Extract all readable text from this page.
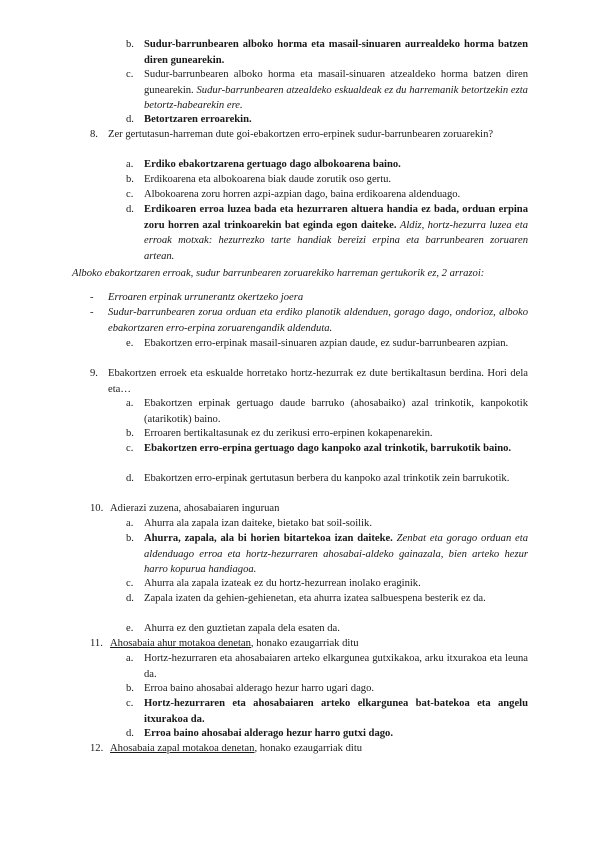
b. Sudur-barrunbearen alboko horma eta masail-sinuaren aurrealdeko horma batzen diren gunearekin.
c.	Sudur-barrunbearen alboko horma eta masail-sinuaren atzealdeko horma batzen diren gunearekin. Sudur-barrunbearen atzealdeko eskualdeak ez du harremanik betortzekin ezta betortz-habearekin ere.
d. Betortzaren erroarekin.
8. Zer gertutasun-harreman dute goi-ebakortzen erro-erpinek sudur-barrunbearen zoruarekin?
a.	Erdiko ebakortzarena gertuago dago albokoarena baino.
b. Erdikoarena eta albokoarena biak daude zorutik oso gertu.
c.	Albokoarena zoru horren azpi-azpian dago, baina erdikoarena aldenduago.
d. Erdikoaren erroa luzea bada eta hezurraren altuera handia ez bada, orduan erpina zoru horren azal trinkoarekin bat eginda egon daiteke. Aldiz, hortz-hezurra luzea eta erroak motxak: hezurrezko tarte handiak bereizi erpina eta barrunbearen zoruaren artean.
Alboko ebakortzaren erroak, sudur barrunbearen zoruarekiko harreman gertukorik ez, 2 arrazoi:
-	Erroaren erpinak urrunerantz okertzeko joera
-	Sudur-barrunbearen zorua orduan eta erdiko planotik aldenduen, gorago dago, ondorioz, alboko ebakortzaren erro-erpina zoruarengandik aldenduta.
e.	Ebakortzen erro-erpinak masail-sinuaren azpian daude, ez sudur-barrunbearen azpian.
9. Ebakortzen erroek eta eskualde horretako hortz-hezurrak ez dute bertikaltasun berdina. Hori dela eta…
a.	Ebakortzen erpinak gertuago daude barruko (ahosabaiko) azal trinkotik, kanpokotik (atarikotik) baino.
b. Erroaren bertikaltasunak ez du zerikusi erro-erpinen kokapenarekin.
c.	Ebakortzen erro-erpina gertuago dago kanpoko azal trinkotik, barrukotik baino.
d. Ebakortzen erro-erpinak gertutasun berbera du kanpoko azal trinkotik zein barrukotik.
10. Adierazi zuzena, ahosabaiaren inguruan
a.	Ahurra ala zapala izan daiteke, bietako bat soil-soilik.
b. Ahurra, zapala, ala bi horien bitartekoa izan daiteke. Zenbat eta gorago orduan eta aldenduago erroa eta hortz-hezurraren ahosabai-aldeko gainazala, bien arteko hezur harro kopurua handiagoa.
c.	Ahurra ala zapala izateak ez du hortz-hezurrean inolako eraginik.
d. Zapala izaten da gehien-gehienetan, eta ahurra izatea salbuespena besterik ez da.
e.	Ahurra ez den guztietan zapala dela esaten da.
11. Ahosabaia ahur motakoa denetan, honako ezaugarriak ditu
a.	Hortz-hezurraren eta ahosabaiaren arteko elkargunea gutxikakoa, arku itxurakoa eta leuna da.
b. Erroa baino ahosabai alderago hezur harro ugari dago.
c.	Hortz-hezurraren eta ahosabaiaren arteko elkargunea bat-batekoa eta angelu itxurakoa da.
d. Erroa baino ahosabai alderago hezur harro gutxi dago.
12. Ahosabaia zapal motakoa denetan, honako ezaugarriak ditu
